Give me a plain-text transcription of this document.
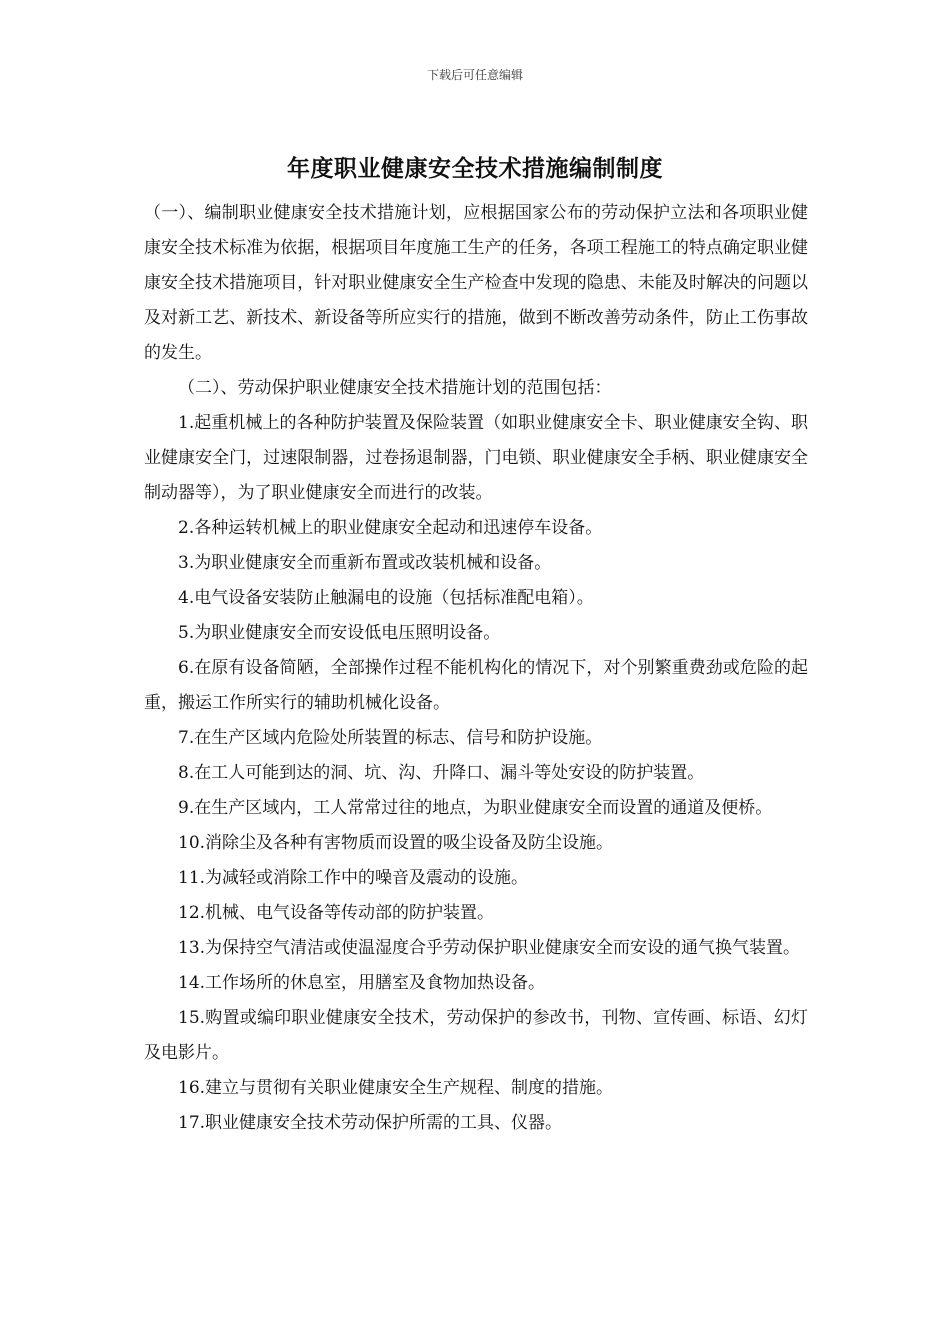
下载后可任意编辑
年度职业健康安全技术措施编制制度

（一）、编制职业健康安全技术措施计划，应根据国家公布的劳动保护立法和各项职业健康安全技术标准为依据，根据项目年度施工生产的任务，各项工程施工的特点确定职业健康安全技术措施项目，针对职业健康安全生产检查中发现的隐患、未能及时解决的问题以及对新工艺、新技术、新设备等所应实行的措施，做到不断改善劳动条件，防止工伤事故的发生。

（二）、劳动保护职业健康安全技术措施计划的范围包括：

1.起重机械上的各种防护装置及保险装置（如职业健康安全卡、职业健康安全钩、职业健康安全门，过速限制器，过卷扬退制器，门电锁、职业健康安全手柄、职业健康安全制动器等），为了职业健康安全而进行的改装。

2.各种运转机械上的职业健康安全起动和迅速停车设备。

3.为职业健康安全而重新布置或改装机械和设备。

4.电气设备安装防止触漏电的设施（包括标准配电箱）。

5.为职业健康安全而安设低电压照明设备。

6.在原有设备简陋，全部操作过程不能机构化的情况下，对个别繁重费劲或危险的起重，搬运工作所实行的辅助机械化设备。

7.在生产区域内危险处所装置的标志、信号和防护设施。

8.在工人可能到达的洞、坑、沟、升降口、漏斗等处安设的防护装置。

9.在生产区域内，工人常常过往的地点，为职业健康安全而设置的通道及便桥。

10.消除尘及各种有害物质而设置的吸尘设备及防尘设施。

11.为减轻或消除工作中的噪音及震动的设施。

12.机械、电气设备等传动部的防护装置。

13.为保持空气清洁或使温湿度合乎劳动保护职业健康安全而安设的通气换气装置。

14.工作场所的休息室，用膳室及食物加热设备。

15.购置或编印职业健康安全技术，劳动保护的参改书，刊物、宣传画、标语、幻灯及电影片。

16.建立与贯彻有关职业健康安全生产规程、制度的措施。

17.职业健康安全技术劳动保护所需的工具、仪器。
